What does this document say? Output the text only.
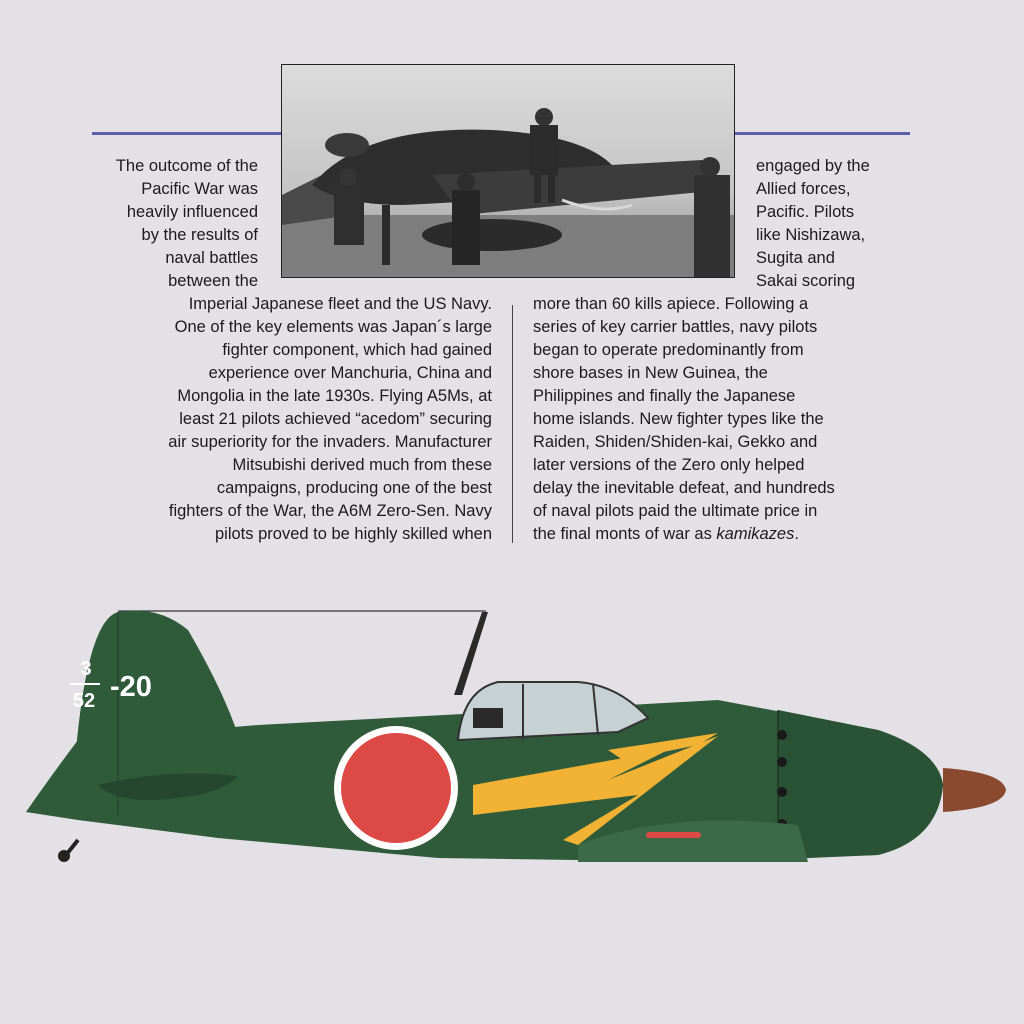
The outcome of the
Pacific War was
heavily influenced
by the results of
naval battles
between the

Imperial Japanese fleet and the US Navy.
One of the key elements was Japan´s large
fighter component, which had gained
experience over Manchuria, China and
Mongolia in the late 1930s. Flying A5Ms, at
least 21 pilots achieved “acedom” securing
air superiority for the invaders. Manufacturer
Mitsubishi derived much from these
campaigns, producing one of the best
fighters of the War, the A6M Zero-Sen. Navy
pilots proved to be highly skilled when

engaged by the
Allied forces,
Pacific. Pilots
like Nishizawa,
Sugita and
Sakai scoring

more than 60 kills apiece. Following a
series of key carrier battles, navy pilots
began to operate predominantly from
shore bases in New Guinea, the
Philippines and finally the Japanese
home islands. New fighter types like the
Raiden, Shiden/Shiden-kai, Gekko and
later versions of the Zero only helped
delay the inevitable defeat, and hundreds
of naval pilots paid the ultimate price in
the final monts of war as kamikazes.

3
52 -20
